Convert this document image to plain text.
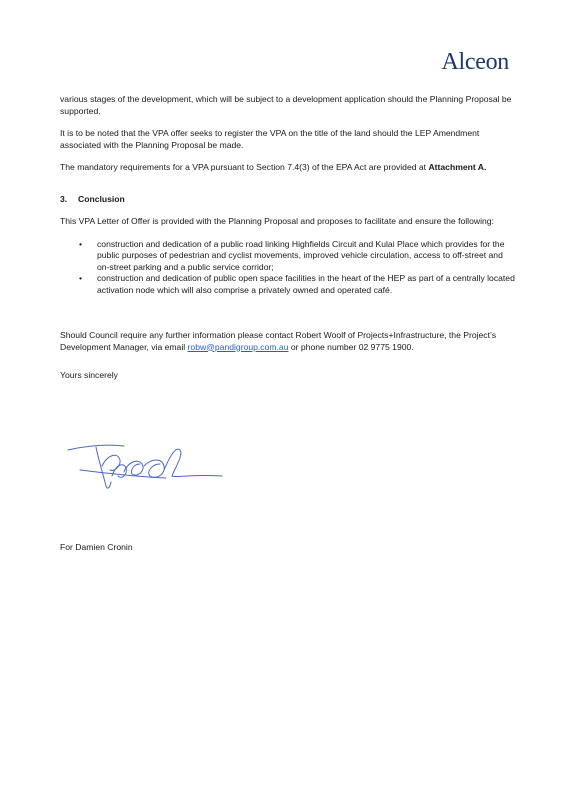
Alceon

various stages of the development, which will be subject to a development application should the Planning Proposal be supported.

It is to be noted that the VPA offer seeks to register the VPA on the title of the land should the LEP Amendment associated with the Planning Proposal be made.

The mandatory requirements for a VPA pursuant to Section 7.4(3) of the EPA Act are provided at Attachment A.

3.	Conclusion

This VPA Letter of Offer is provided with the Planning Proposal and proposes to facilitate and ensure the following:

• construction and dedication of a public road linking Highfields Circuit and Kulai Place which provides for the public purposes of pedestrian and cyclist movements, improved vehicle circulation, access to off-street and on-street parking and a public service corridor;
• construction and dedication of public open space facilities in the heart of the HEP as part of a centrally located activation node which will also comprise a privately owned and operated café.

Should Council require any further information please contact Robert Woolf of Projects+Infrastructure, the Project’s Development Manager, via email robw@pandigroup.com.au or phone number 02 9775 1900.

Yours sincerely

For Damien Cronin
